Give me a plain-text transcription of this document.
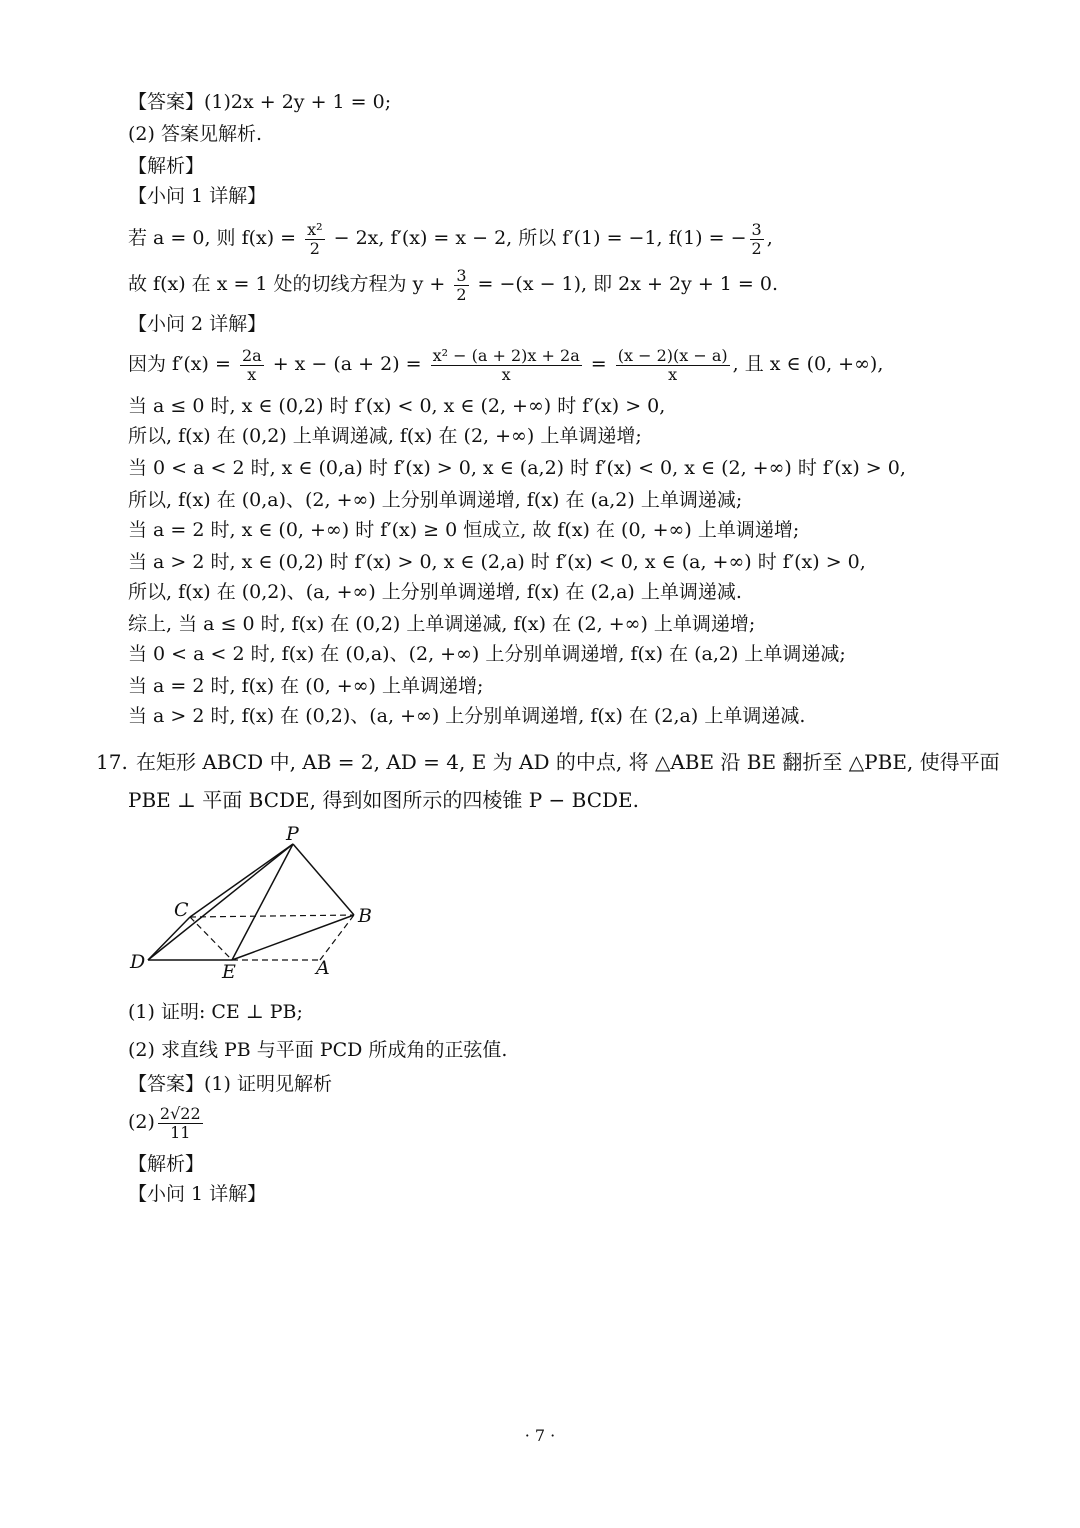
【答案】(1)2x + 2y + 1 = 0;
(2) 答案见解析.
【解析】
【小问 1 详解】
若 a = 0, 则 $f(x) = \frac{\text{x²}}{2} - 2x$, f′(x) = x − 2, 所以 f′(1) = −1, f(1) = − $\frac{3}{2}$ ,
故 f(x) 在 x = 1 处的切线方程为 $y + \frac{3}{2} = -(x - 1)$, 即 2x + 2y + 1 = 0.
【小问 2 详解】
因为 $f'(x) = \frac{2a}{x} + x - (a + 2) = \frac{\text{x² − (a + 2)x + 2a}}{x} = \frac{(x - 2)(x - a)}{x}$ , 且 x ∈ (0, +∞),
当 a ≤ 0 时, x ∈ (0,2) 时 f′(x) < 0, x ∈ (2, +∞) 时 f′(x) > 0,
所以, f(x) 在 (0,2) 上单调递减, f(x) 在 (2, +∞) 上单调递增;
当 0 < a < 2 时, x ∈ (0,a) 时 f′(x) > 0, x ∈ (a,2) 时 f′(x) < 0, x ∈ (2, +∞) 时 f′(x) > 0,
所以, f(x) 在 (0,a)、(2, +∞) 上分别单调递增, f(x) 在 (a,2) 上单调递减;
当 a = 2 时, x ∈ (0, +∞) 时 f′(x) ≥ 0 恒成立, 故 f(x) 在 (0, +∞) 上单调递增;
当 a > 2 时, x ∈ (0,2) 时 f′(x) > 0, x ∈ (2,a) 时 f′(x) < 0, x ∈ (a, +∞) 时 f′(x) > 0,
所以, f(x) 在 (0,2)、(a, +∞) 上分别单调递增, f(x) 在 (2,a) 上单调递减.
综上, 当 a ≤ 0 时, f(x) 在 (0,2) 上单调递减, f(x) 在 (2, +∞) 上单调递增;
当 0 < a < 2 时, f(x) 在 (0,a)、(2, +∞) 上分别单调递增, f(x) 在 (a,2) 上单调递减;
当 a = 2 时, f(x) 在 (0, +∞) 上单调递增;
当 a > 2 时, f(x) 在 (0,2)、(a, +∞) 上分别单调递增, f(x) 在 (2,a) 上单调递减.
17. 在矩形 ABCD 中, AB = 2, AD = 4, E 为 AD 的中点, 将 △ABE 沿 BE 翻折至 △PBE, 使得平面
PBE ⊥ 平面 BCDE, 得到如图所示的四棱锥 P − BCDE.
P
C	B
D	E	A
(1) 证明: CE ⊥ PB;
(2) 求直线 PB 与平面 PCD 所成角的正弦值.
【答案】(1) 证明见解析
$(2) \frac{2√22}{11}$
【解析】
【小问 1 详解】
· 7 ·
